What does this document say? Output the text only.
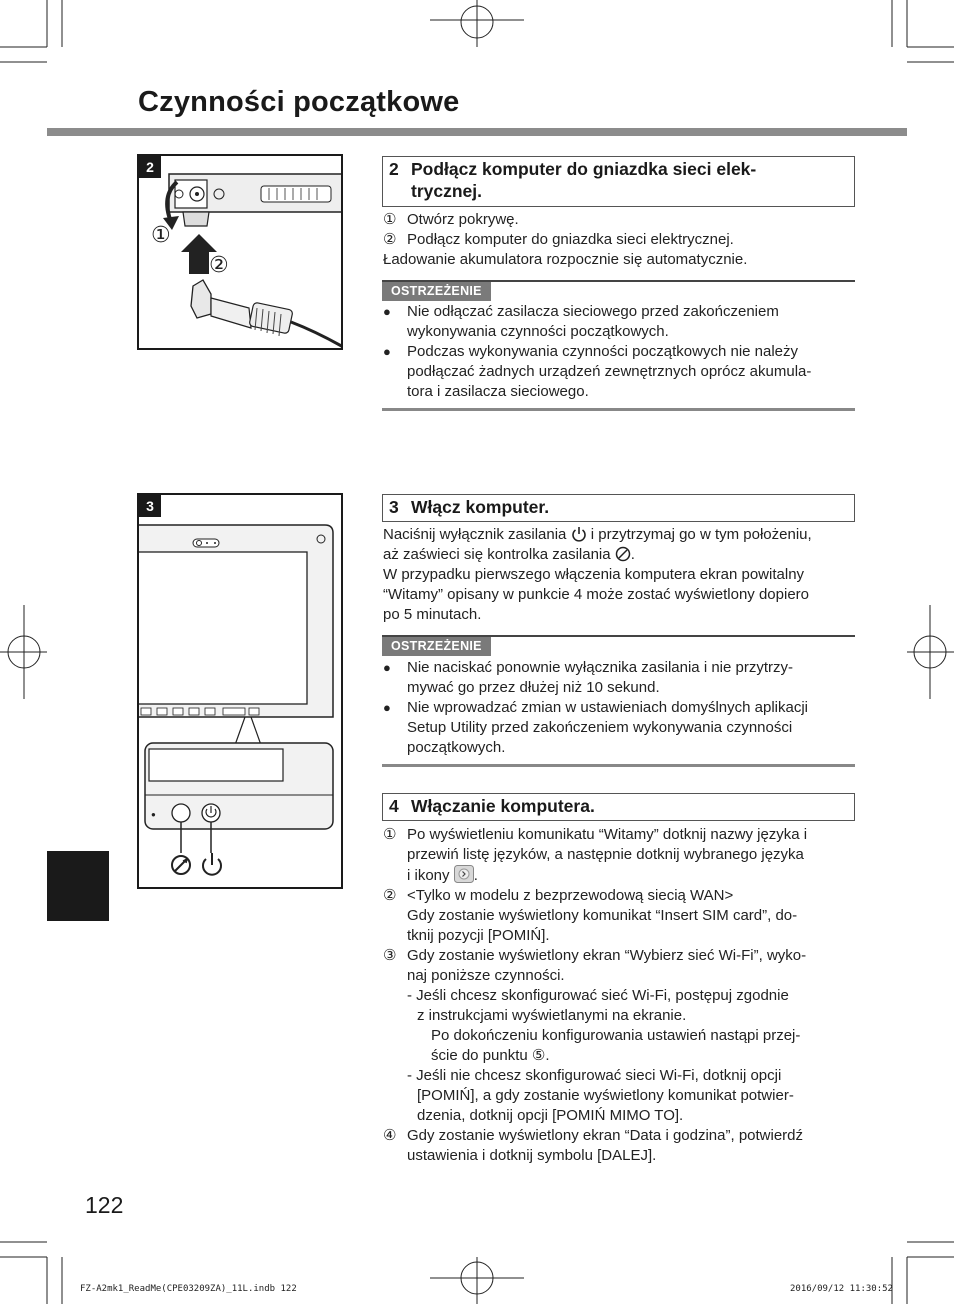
Czynności początkowe
2
①
②
2 Podłącz komputer do gniazdka sieci elek-
trycznej.
① Otwórz pokrywę.
② Podłącz komputer do gniazdka sieci elektrycznej.
Ładowanie akumulatora rozpocznie się automatycznie.
OSTRZEŻENIE
● Nie odłączać zasilacza sieciowego przed zakończeniem
wykonywania czynności początkowych.
● Podczas wykonywania czynności początkowych nie należy
podłączać żadnych urządzeń zewnętrznych oprócz akumula-
tora i zasilacza sieciowego.
●
3	3 Włącz komputer.
Naciśnij wyłącznik zasilania i przytrzymaj go w tym położeniu,
aż zaświeci się kontrolka zasilania .
W przypadku pierwszego włączenia komputera ekran powitalny
“Witamy” opisany w punkcie 4 może zostać wyświetlony dopiero
po 5 minutach.
OSTRZEŻENIE
● Nie naciskać ponownie wyłącznika zasilania i nie przytrzy-
mywać go przez dłużej niż 10 sekund.
● Nie wprowadzać zmian w ustawieniach domyślnych aplikacji
Setup Utility przed zakończeniem wykonywania czynności
początkowych.
4 Włączanie komputera.
① Po wyświetleniu komunikatu “Witamy” dotknij nazwy języka i
przewiń listę języków, a następnie dotknij wybranego języka
i ikony .
② <Tylko w modelu z bezprzewodową siecią WAN>
Gdy zostanie wyświetlony komunikat “Insert SIM card”, do-
tknij pozycji [POMIŃ].
③ Gdy zostanie wyświetlony ekran “Wybierz sieć Wi-Fi”, wyko-
naj poniższe czynności.
- Jeśli chcesz skonfigurować sieć Wi-Fi, postępuj zgodnie
z instrukcjami wyświetlanymi na ekranie.
Po dokończeniu konfigurowania ustawień nastąpi przej-
ście do punktu ⑤.
- Jeśli nie chcesz skonfigurować sieci Wi-Fi, dotknij opcji
[POMIŃ], a gdy zostanie wyświetlony komunikat potwier-
dzenia, dotknij opcji [POMIŃ MIMO TO].
④ Gdy zostanie wyświetlony ekran “Data i godzina”, potwierdź
ustawienia i dotknij symbolu [DALEJ].
122
FZ-A2mk1_ReadMe(CPE03209ZA)_11L.indb 122	2016/09/12 11:30:52
